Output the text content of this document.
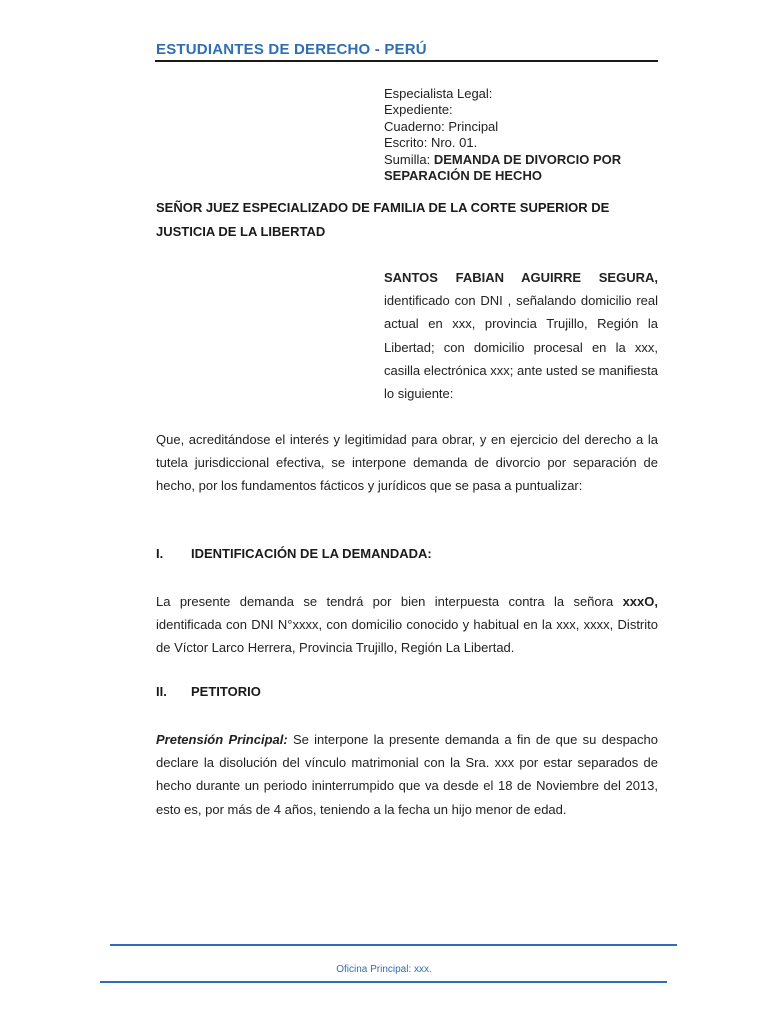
ESTUDIANTES DE DERECHO - PERÚ
Especialista Legal:
Expediente:
Cuaderno: Principal
Escrito: Nro. 01.
Sumilla: DEMANDA DE DIVORCIO POR
SEPARACIÓN DE HECHO
SEÑOR JUEZ ESPECIALIZADO DE FAMILIA DE LA CORTE SUPERIOR DE JUSTICIA DE LA LIBERTAD
SANTOS FABIAN AGUIRRE SEGURA,
identificado con DNI , señalando domicilio real actual en xxx, provincia Trujillo, Región la Libertad; con domicilio procesal en la xxx, casilla electrónica xxx; ante usted se manifiesta lo siguiente:
Que, acreditándose el interés y legitimidad para obrar, y en ejercicio del derecho a la tutela jurisdiccional efectiva, se interpone demanda de divorcio por separación de hecho, por los fundamentos fácticos y jurídicos que se pasa a puntualizar:
I. IDENTIFICACIÓN DE LA DEMANDADA:
La presente demanda se tendrá por bien interpuesta contra la señora xxxO, identificada con DNI N°xxxx, con domicilio conocido y habitual en la xxx, xxxx, Distrito de Víctor Larco Herrera, Provincia Trujillo, Región La Libertad.
II. PETITORIO
Pretensión Principal: Se interpone la presente demanda a fin de que su despacho declare la disolución del vínculo matrimonial con la Sra. xxx por estar separados de hecho durante un periodo ininterrumpido que va desde el 18 de Noviembre del 2013, esto es, por más de 4 años, teniendo a la fecha un hijo menor de edad.
Oficina Principal: xxx.
